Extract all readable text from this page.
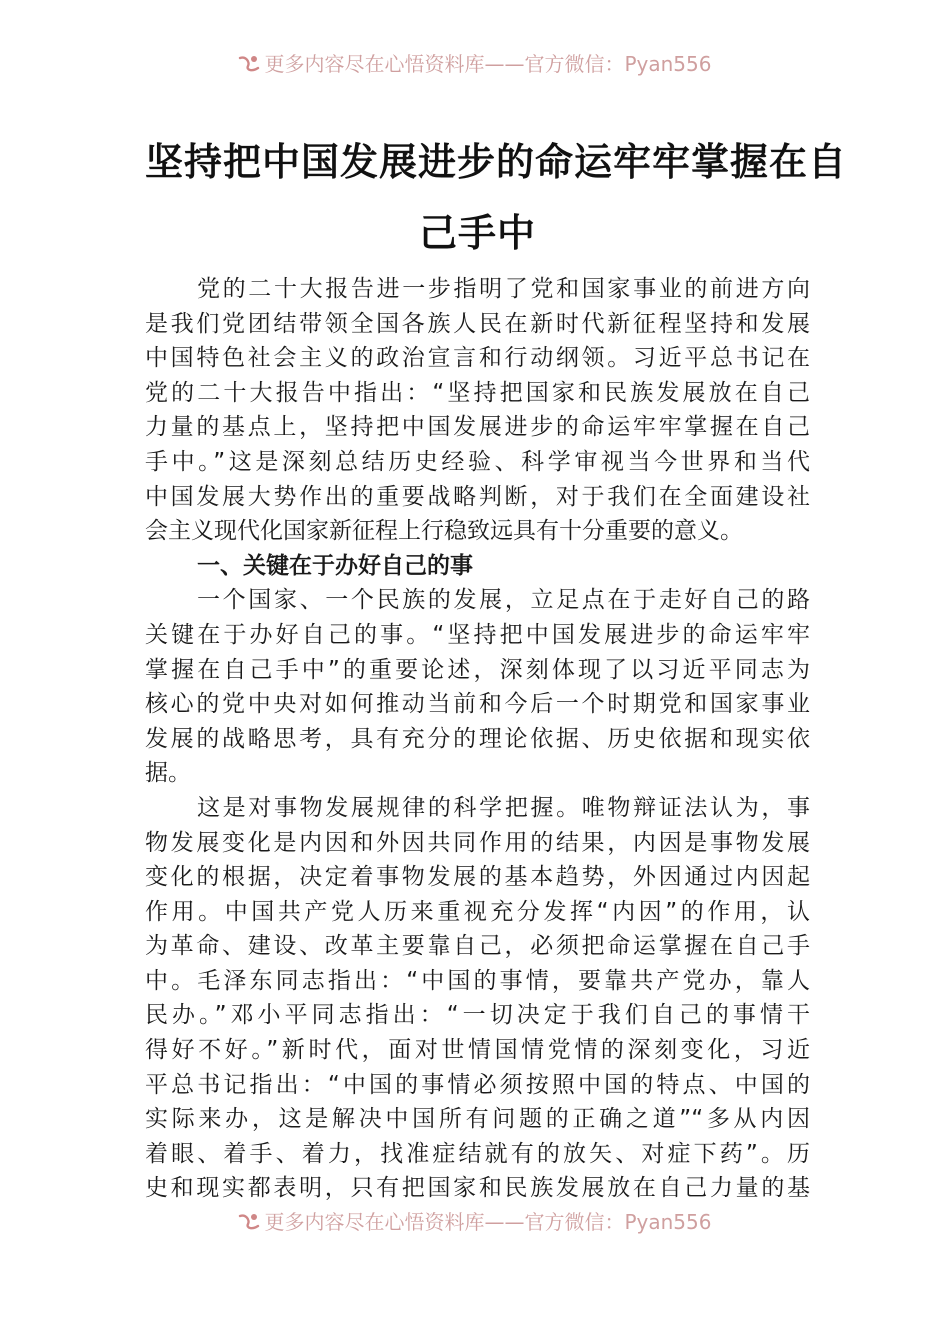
更多内容尽在心悟资料库——官方微信：Pyan556
坚持把中国发展进步的命运牢牢掌握在自
己手中
党的二十大报告进一步指明了党和国家事业的前进方向
是我们党团结带领全国各族人民在新时代新征程坚持和发展
中国特色社会主义的政治宣言和行动纲领。习近平总书记在
党的二十大报告中指出：“坚持把国家和民族发展放在自己
力量的基点上，坚持把中国发展进步的命运牢牢掌握在自己
手中。”这是深刻总结历史经验、科学审视当今世界和当代
中国发展大势作出的重要战略判断，对于我们在全面建设社
会主义现代化国家新征程上行稳致远具有十分重要的意义。
一、关键在于办好自己的事
一个国家、一个民族的发展，立足点在于走好自己的路
关键在于办好自己的事。“坚持把中国发展进步的命运牢牢
掌握在自己手中”的重要论述，深刻体现了以习近平同志为
核心的党中央对如何推动当前和今后一个时期党和国家事业
发展的战略思考，具有充分的理论依据、历史依据和现实依
据。
这是对事物发展规律的科学把握。唯物辩证法认为，事
物发展变化是内因和外因共同作用的结果，内因是事物发展
变化的根据，决定着事物发展的基本趋势，外因通过内因起
作用。中国共产党人历来重视充分发挥“内因”的作用，认
为革命、建设、改革主要靠自己，必须把命运掌握在自己手
中。毛泽东同志指出：“中国的事情，要靠共产党办，靠人
民办。”邓小平同志指出：“一切决定于我们自己的事情干
得好不好。”新时代，面对世情国情党情的深刻变化，习近
平总书记指出：“中国的事情必须按照中国的特点、中国的
实际来办，这是解决中国所有问题的正确之道”“多从内因
着眼、着手、着力，找准症结就有的放矢、对症下药”。历
史和现实都表明，只有把国家和民族发展放在自己力量的基
更多内容尽在心悟资料库——官方微信：Pyan556
